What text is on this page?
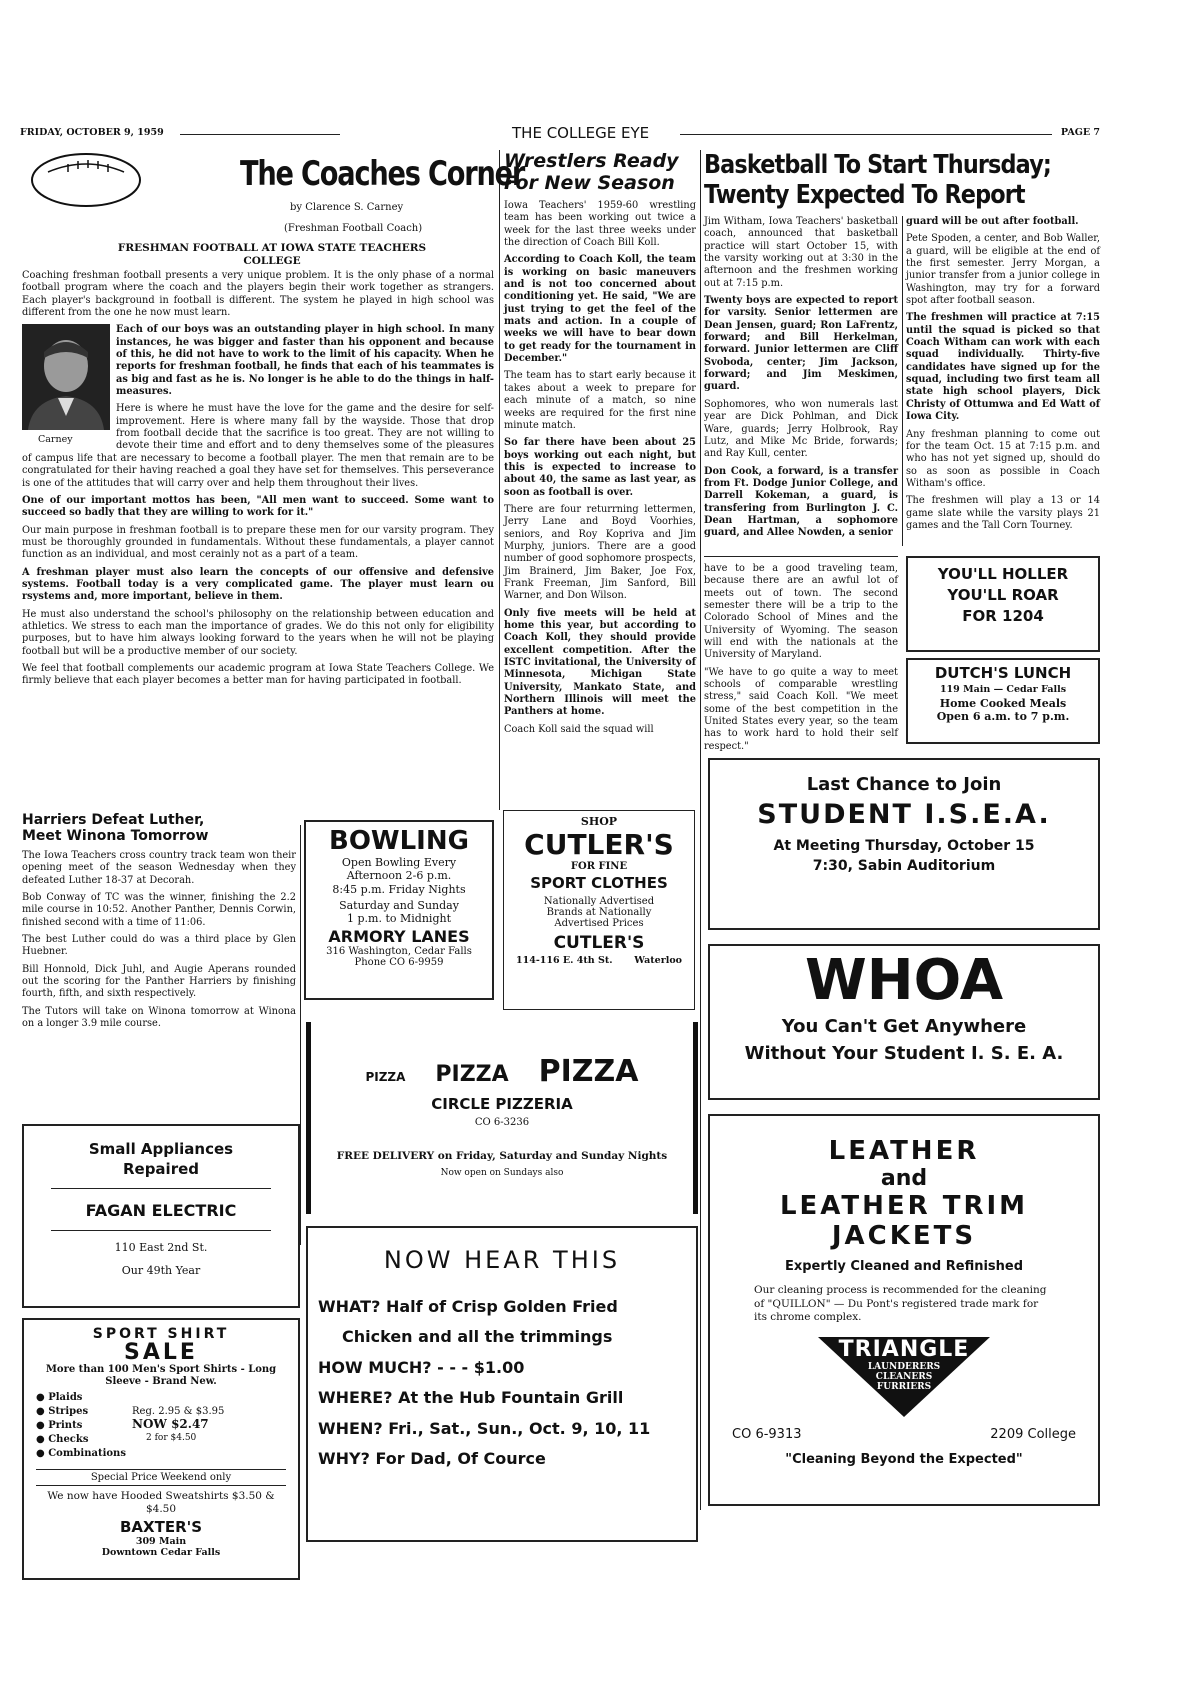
FRIDAY, OCTOBER 9, 1959	THE COLLEGE EYE	PAGE 7
The Coaches Corner
by Clarence S. Carney
(Freshman Football Coach)
FRESHMAN FOOTBALL AT IOWA STATE TEACHERS COLLEGE

Coaching freshman football presents a very unique problem. It is the only phase of a normal football program where the coach and the players begin their work together as strangers. Each player's background in football is different. The system he played in high school was different from the one he now must learn.

Carney

Each of our boys was an outstanding player in high school. In many instances, he was bigger and faster than his opponent and because of this, he did not have to work to the limit of his capacity. When he reports for freshman football, he finds that each of his teammates is as big and fast as he is. No longer is he able to do the things in half-measures.

Here is where he must have the love for the game and the desire for self-improvement. Here is where many fall by the wayside. Those that drop from football decide that the sacrifice is too great. They are not willing to devote their time and effort and to deny themselves some of the pleasures of campus life that are necessary to become a football player. The men that remain are to be congratulated for their having reached a goal they have set for themselves. This perseverance is one of the attitudes that will carry over and help them throughout their lives.

One of our important mottos has been, "All men want to succeed. Some want to succeed so badly that they are willing to work for it."

Our main purpose in freshman football is to prepare these men for our varsity program. They must be thoroughly grounded in fundamentals. Without these fundamentals, a player cannot function as an individual, and most cerainly not as a part of a team.

A freshman player must also learn the concepts of our offensive and defensive systems. Football today is a very complicated game. The player must learn ou rsystems and, more important, believe in them.

He must also understand the school's philosophy on the relationship between education and athletics. We stress to each man the importance of grades. We do this not only for eligibility purposes, but to have him always looking forward to the years when he will not be playing football but will be a productive member of our society.

We feel that football complements our academic program at Iowa State Teachers College. We firmly believe that each player becomes a better man for having participated in football.

Wrestlers Ready
For New Season

Iowa Teachers' 1959-60 wrestling team has been working out twice a week for the last three weeks under the direction of Coach Bill Koll.

According to Coach Koll, the team is working on basic maneuvers and is not too concerned about conditioning yet. He said, "We are just trying to get the feel of the mats and action. In a couple of weeks we will have to bear down to get ready for the tournament in December."

The team has to start early because it takes about a week to prepare for each minute of a match, so nine weeks are required for the first nine minute match.

So far there have been about 25 boys working out each night, but this is expected to increase to about 40, the same as last year, as soon as football is over.

There are four returrning lettermen, Jerry Lane and Boyd Voorhies, seniors, and Roy Kopriva and Jim Murphy, juniors. There are a good number of good sophomore prospects, Jim Brainerd, Jim Baker, Joe Fox, Frank Freeman, Jim Sanford, Bill Warner, and Don Wilson.

Only five meets will be held at home this year, but according to Coach Koll, they should provide excellent competition. After the ISTC invitational, the University of Minnesota, Michigan State University, Mankato State, and Northern Illinois will meet the Panthers at home.

Coach Koll said the squad will

Basketball To Start Thursday;
Twenty Expected To Report

Jim Witham, Iowa Teachers' basketball coach, announced that basketball practice will start October 15, with the varsity working out at 3:30 in the afternoon and the freshmen working out at 7:15 p.m.

Twenty boys are expected to report for varsity. Senior lettermen are Dean Jensen, guard; Ron LaFrentz, forward; and Bill Herkelman, forward. Junior lettermen are Cliff Svoboda, center; Jim Jackson, forward; and Jim Meskimen, guard.

Sophomores, who won numerals last year are Dick Pohlman, and Dick Ware, guards; Jerry Holbrook, Ray Lutz, and Mike Mc Bride, forwards; and Ray Kull, center.

Don Cook, a forward, is a transfer from Ft. Dodge Junior College, and Darrell Kokeman, a guard, is transfering from Burlington J. C. Dean Hartman, a sophomore guard, and Allee Nowden, a senior

guard will be out after football.

Pete Spoden, a center, and Bob Waller, a guard, will be eligible at the end of the first semester. Jerry Morgan, a junior transfer from a junior college in Washington, may try for a forward spot after football season.

The freshmen will practice at 7:15 until the squad is picked so that Coach Witham can work with each squad individually. Thirty-five candidates have signed up for the squad, including two first team all state high school players, Dick Christy of Ottumwa and Ed Watt of Iowa City.

Any freshman planning to come out for the team Oct. 15 at 7:15 p.m. and who has not yet signed up, should do so as soon as possible in Coach Witham's office.

The freshmen will play a 13 or 14 game slate while the varsity plays 21 games and the Tall Corn Tourney.

have to be a good traveling team, because there are an awful lot of meets out of town. The second semester there will be a trip to the Colorado School of Mines and the University of Wyoming. The season will end with the nationals at the University of Maryland.

"We have to go quite a way to meet schools of comparable wrestling stress," said Coach Koll. "We meet some of the best competition in the United States every year, so the team has to work hard to hold their self respect."

YOU'LL HOLLER
YOU'LL ROAR
FOR 1204
DUTCH'S LUNCH
119 Main — Cedar Falls
Home Cooked Meals
Open 6 a.m. to 7 p.m.
Harriers Defeat Luther,
Meet Winona Tomorrow

The Iowa Teachers cross country track team won their opening meet of the season Wednesday when they defeated Luther 18-37 at Decorah.

Bob Conway of TC was the winner, finishing the 2.2 mile course in 10:52. Another Panther, Dennis Corwin, finished second with a time of 11:06.

The best Luther could do was a third place by Glen Huebner.

Bill Honnold, Dick Juhl, and Augie Aperans rounded out the scoring for the Panther Harriers by finishing fourth, fifth, and sixth respectively.

The Tutors will take on Winona tomorrow at Winona on a longer 3.9 mile course.

BOWLING
Open Bowling Every
Afternoon 2-6 p.m.
8:45 p.m. Friday Nights
Saturday and Sunday
1 p.m. to Midnight
ARMORY LANES
316 Washington, Cedar Falls
Phone CO 6-9959
SHOP
CUTLER'S
FOR FINE
SPORT CLOTHES
Nationally Advertised
Brands at Nationally
Advertised Prices
CUTLER'S
114-116 E. 4th St. Waterloo
Last Chance to Join
STUDENT I.S.E.A.
At Meeting Thursday, October 15
7:30, Sabin Auditorium
WHOA
You Can't Get Anywhere
Without Your Student I. S. E. A.
PIZZA PIZZA PIZZA
CIRCLE PIZZERIA
CO 6-3236
FREE DELIVERY on Friday, Saturday and Sunday Nights
Now open on Sundays also
Small Appliances
Repaired
FAGAN ELECTRIC
110 East 2nd St.
Our 49th Year	NOW HEAR THIS
WHAT? Half of Crisp Golden Fried
Chicken and all the trimmings
HOW MUCH? - - - $1.00
WHERE? At the Hub Fountain Grill
WHEN? Fri., Sat., Sun., Oct. 9, 10, 11
WHY? For Dad, Of Cource
LEATHER
and
LEATHER TRIM
JACKETS
Expertly Cleaned and Refinished
Our cleaning process is recommended for the cleaning of "QUILLON" — Du Pont's registered trade mark for its chrome complex.
TRIANGLE
LAUNDERERS
CLEANERS
FURRIERS
CO 6-9313	2209 College
"Cleaning Beyond the Expected"
SPORT SHIRT
SALE
More than 100 Men's Sport Shirts - Long Sleeve - Brand New.
● Plaids
● Stripes	Reg. 2.95 & $3.95
● Prints	NOW $2.47
● Checks	2 for $4.50
● Combinations
Special Price Weekend only
We now have Hooded Sweatshirts $3.50 & $4.50
BAXTER'S
309 Main
Downtown Cedar Falls
